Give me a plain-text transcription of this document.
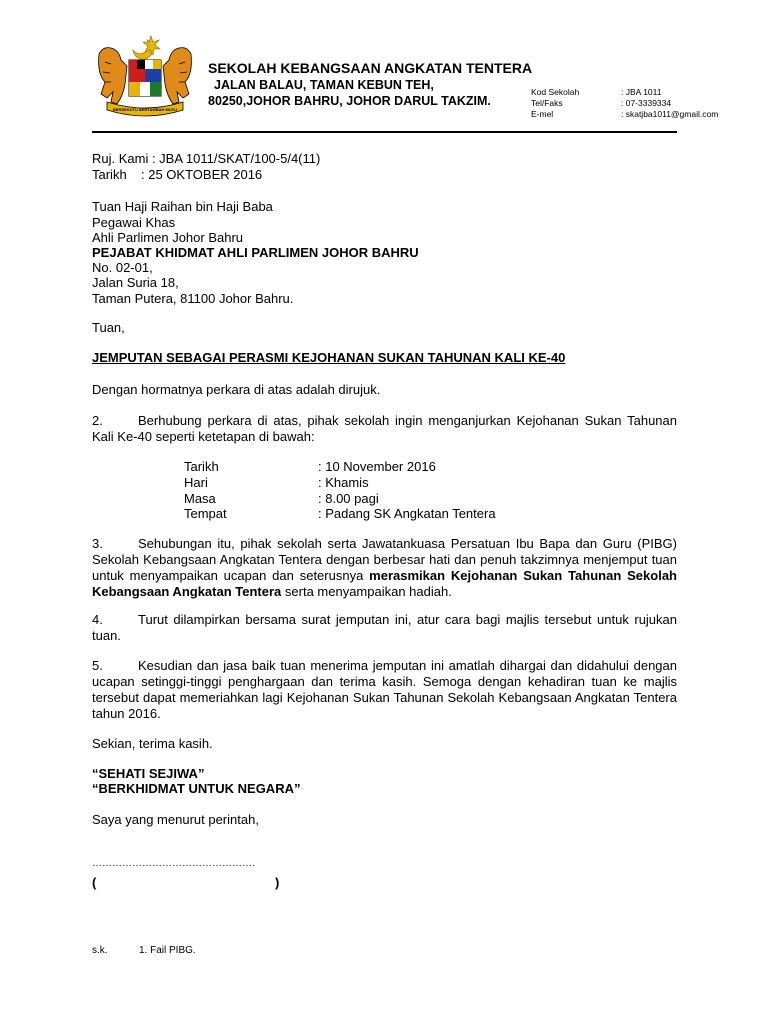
BERSEKUTU BERTAMBAH MUTU
SEKOLAH KEBANGSAAN ANGKATAN TENTERA
JALAN BALAU, TAMAN KEBUN TEH,
80250,JOHOR BAHRU, JOHOR DARUL TAKZIM.
Kod Sekolah	: JBA 1011
Tel/Faks	: 07-3339334
E-mel	: skatjba1011@gmail.com
Ruj. Kami : JBA 1011/SKAT/100-5/4(11)
Tarikh : 25 OKTOBER 2016
Tuan Haji Raihan bin Haji Baba
Pegawai Khas
Ahli Parlimen Johor Bahru
PEJABAT KHIDMAT AHLI PARLIMEN JOHOR BAHRU
No. 02-01,
Jalan Suria 18,
Taman Putera, 81100 Johor Bahru.
Tuan,
JEMPUTAN SEBAGAI PERASMI KEJOHANAN SUKAN TAHUNAN KALI KE-40
Dengan hormatnya perkara di atas adalah dirujuk.
2.	Berhubung perkara di atas, pihak sekolah ingin menganjurkan Kejohanan Sukan Tahunan Kali Ke-40 seperti ketetapan di bawah:
Tarikh	: 10 November 2016
Hari	: Khamis
Masa	: 8.00 pagi
Tempat	: Padang SK Angkatan Tentera
3.	Sehubungan itu, pihak sekolah serta Jawatankuasa Persatuan Ibu Bapa dan Guru (PIBG) Sekolah Kebangsaan Angkatan Tentera dengan berbesar hati dan penuh takzimnya menjemput tuan untuk menyampaikan ucapan dan seterusnya merasmikan Kejohanan Sukan Tahunan Sekolah Kebangsaan Angkatan Tentera serta menyampaikan hadiah.
4.	Turut dilampirkan bersama surat jemputan ini, atur cara bagi majlis tersebut untuk rujukan tuan.
5.	Kesudian dan jasa baik tuan menerima jemputan ini amatlah dihargai dan didahului dengan ucapan setinggi-tinggi penghargaan dan terima kasih. Semoga dengan kehadiran tuan ke majlis tersebut dapat memeriahkan lagi Kejohanan Sukan Tahunan Sekolah Kebangsaan Angkatan Tentera tahun 2016.
Sekian, terima kasih.
“SEHATI SEJIWA”
“BERKHIDMAT UNTUK NEGARA”
Saya yang menurut perintah,
………………………………………….
(	)
s.k.	1. Fail PIBG.
